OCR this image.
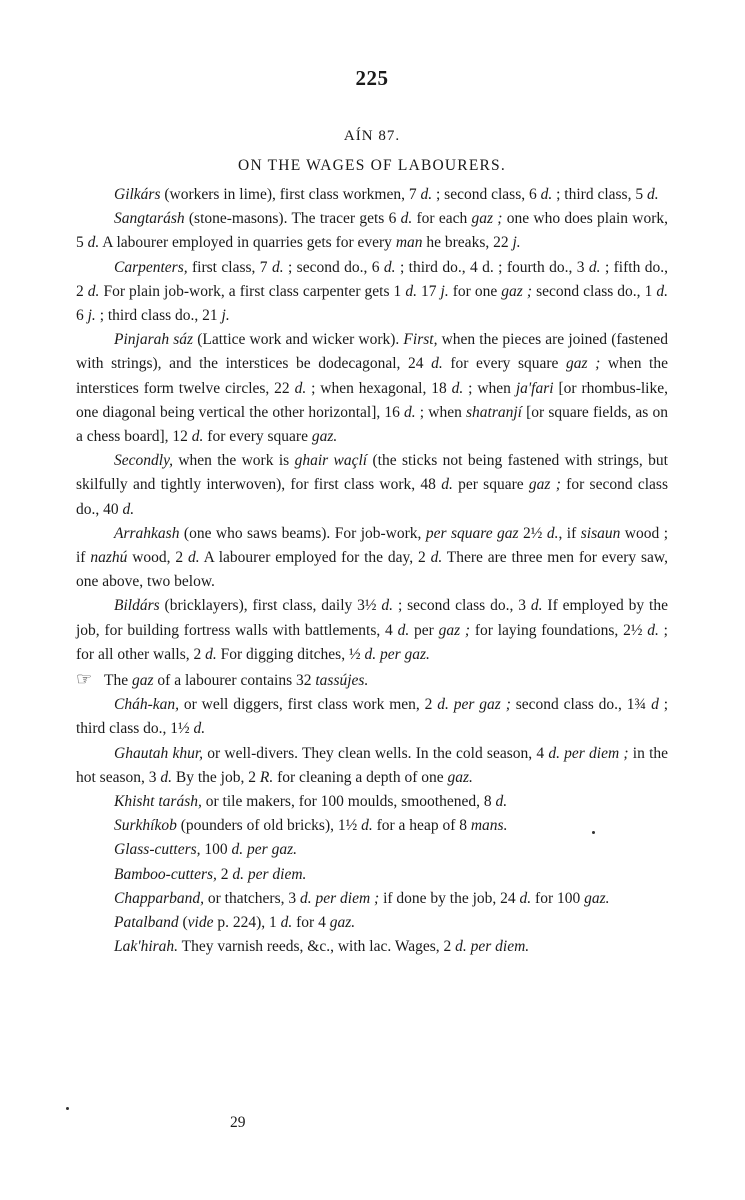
225
AÍN 87.
ON THE WAGES OF LABOURERS.

Gilkárs (workers in lime), first class workmen, 7 d. ; second class, 6 d. ; third class, 5 d.

Sangtarásh (stone-masons). The tracer gets 6 d. for each gaz ; one who does plain work, 5 d. A labourer employed in quarries gets for every man he breaks, 22 j.

Carpenters, first class, 7 d. ; second do., 6 d. ; third do., 4 d. ; fourth do., 3 d. ; fifth do., 2 d. For plain job-work, a first class carpenter gets 1 d. 17 j. for one gaz ; second class do., 1 d. 6 j. ; third class do., 21 j.

Pinjarah sáz (Lattice work and wicker work). First, when the pieces are joined (fastened with strings), and the interstices be dodecagonal, 24 d. for every square gaz ; when the interstices form twelve circles, 22 d. ; when hexagonal, 18 d. ; when ja'fari [or rhombus-like, one diagonal being vertical the other horizontal], 16 d. ; when shatranjí [or square fields, as on a chess board], 12 d. for every square gaz.

Secondly, when the work is ghair waçlí (the sticks not being fastened with strings, but skilfully and tightly interwoven), for first class work, 48 d. per square gaz ; for second class do., 40 d.

Arrahkash (one who saws beams). For job-work, per square gaz 2½ d., if sisaun wood ; if nazhú wood, 2 d. A labourer employed for the day, 2 d. There are three men for every saw, one above, two below.

Bildárs (bricklayers), first class, daily 3½ d. ; second class do., 3 d. If employed by the job, for building fortress walls with battlements, 4 d. per gaz ; for laying foundations, 2½ d. ; for all other walls, 2 d. For digging ditches, ½ d. per gaz.

☞ The gaz of a labourer contains 32 tassújes.

Cháh-kan, or well diggers, first class work men, 2 d. per gaz ; second class do., 1¾ d ; third class do., 1½ d.

Ghautah khur, or well-divers. They clean wells. In the cold season, 4 d. per diem ; in the hot season, 3 d. By the job, 2 R. for cleaning a depth of one gaz.

Khisht tarásh, or tile makers, for 100 moulds, smoothened, 8 d.

Surkhíkob (pounders of old bricks), 1½ d. for a heap of 8 mans.

Glass-cutters, 100 d. per gaz.

Bamboo-cutters, 2 d. per diem.

Chapparband, or thatchers, 3 d. per diem ; if done by the job, 24 d. for 100 gaz.

Patalband (vide p. 224), 1 d. for 4 gaz.

Lak'hirah. They varnish reeds, &c., with lac. Wages, 2 d. per diem.

29
